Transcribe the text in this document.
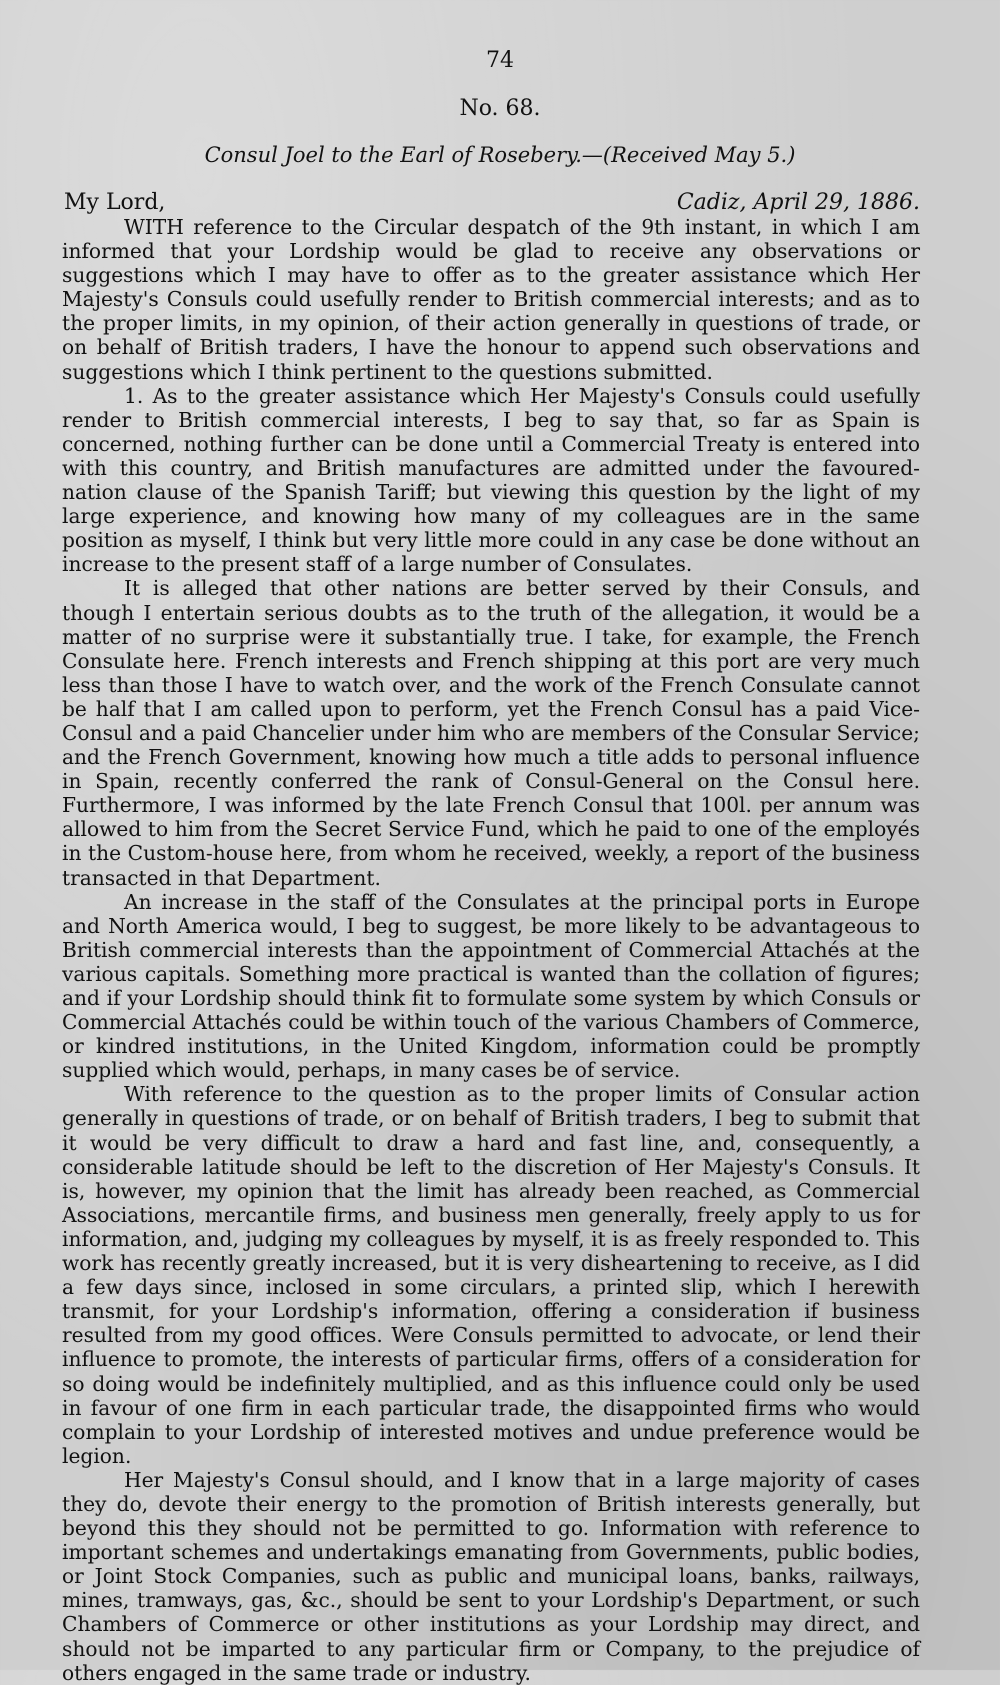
74
No. 68.
Consul Joel to the Earl of Rosebery.—(Received May 5.)
My Lord,	Cadiz, April 29, 1886.

WITH reference to the Circular despatch of the 9th instant, in which I am informed that your Lordship would be glad to receive any observations or suggestions which I may have to offer as to the greater assistance which Her Majesty's Consuls could usefully render to British commercial interests; and as to the proper limits, in my opinion, of their action generally in questions of trade, or on behalf of British traders, I have the honour to append such observations and suggestions which I think pertinent to the questions submitted.

1. As to the greater assistance which Her Majesty's Consuls could usefully render to British commercial interests, I beg to say that, so far as Spain is concerned, nothing further can be done until a Commercial Treaty is entered into with this country, and British manufactures are admitted under the favoured-nation clause of the Spanish Tariff; but viewing this question by the light of my large experience, and knowing how many of my colleagues are in the same position as myself, I think but very little more could in any case be done without an increase to the present staff of a large number of Consulates.

It is alleged that other nations are better served by their Consuls, and though I entertain serious doubts as to the truth of the allegation, it would be a matter of no surprise were it substantially true. I take, for example, the French Consulate here. French interests and French shipping at this port are very much less than those I have to watch over, and the work of the French Consulate cannot be half that I am called upon to perform, yet the French Consul has a paid Vice-Consul and a paid Chancelier under him who are members of the Consular Service; and the French Government, knowing how much a title adds to personal influence in Spain, recently conferred the rank of Consul-General on the Consul here. Furthermore, I was informed by the late French Consul that 100l. per annum was allowed to him from the Secret Service Fund, which he paid to one of the employés in the Custom-house here, from whom he received, weekly, a report of the business transacted in that Department.

An increase in the staff of the Consulates at the principal ports in Europe and North America would, I beg to suggest, be more likely to be advantageous to British commercial interests than the appointment of Commercial Attachés at the various capitals. Something more practical is wanted than the collation of figures; and if your Lordship should think fit to formulate some system by which Consuls or Commercial Attachés could be within touch of the various Chambers of Commerce, or kindred institutions, in the United Kingdom, information could be promptly supplied which would, perhaps, in many cases be of service.

With reference to the question as to the proper limits of Consular action generally in questions of trade, or on behalf of British traders, I beg to submit that it would be very difficult to draw a hard and fast line, and, consequently, a considerable latitude should be left to the discretion of Her Majesty's Consuls. It is, however, my opinion that the limit has already been reached, as Commercial Associations, mercantile firms, and business men generally, freely apply to us for information, and, judging my colleagues by myself, it is as freely responded to. This work has recently greatly increased, but it is very disheartening to receive, as I did a few days since, inclosed in some circulars, a printed slip, which I herewith transmit, for your Lordship's information, offering a consideration if business resulted from my good offices. Were Consuls permitted to advocate, or lend their influence to promote, the interests of particular firms, offers of a consideration for so doing would be indefinitely multiplied, and as this influence could only be used in favour of one firm in each particular trade, the disappointed firms who would complain to your Lordship of interested motives and undue preference would be legion.

Her Majesty's Consul should, and I know that in a large majority of cases they do, devote their energy to the promotion of British interests generally, but beyond this they should not be permitted to go. Information with reference to important schemes and undertakings emanating from Governments, public bodies, or Joint Stock Companies, such as public and municipal loans, banks, railways, mines, tramways, gas, &c., should be sent to your Lordship's Department, or such Chambers of Commerce or other institutions as your Lordship may direct, and should not be imparted to any particular firm or Company, to the prejudice of others engaged in the same trade or industry.
